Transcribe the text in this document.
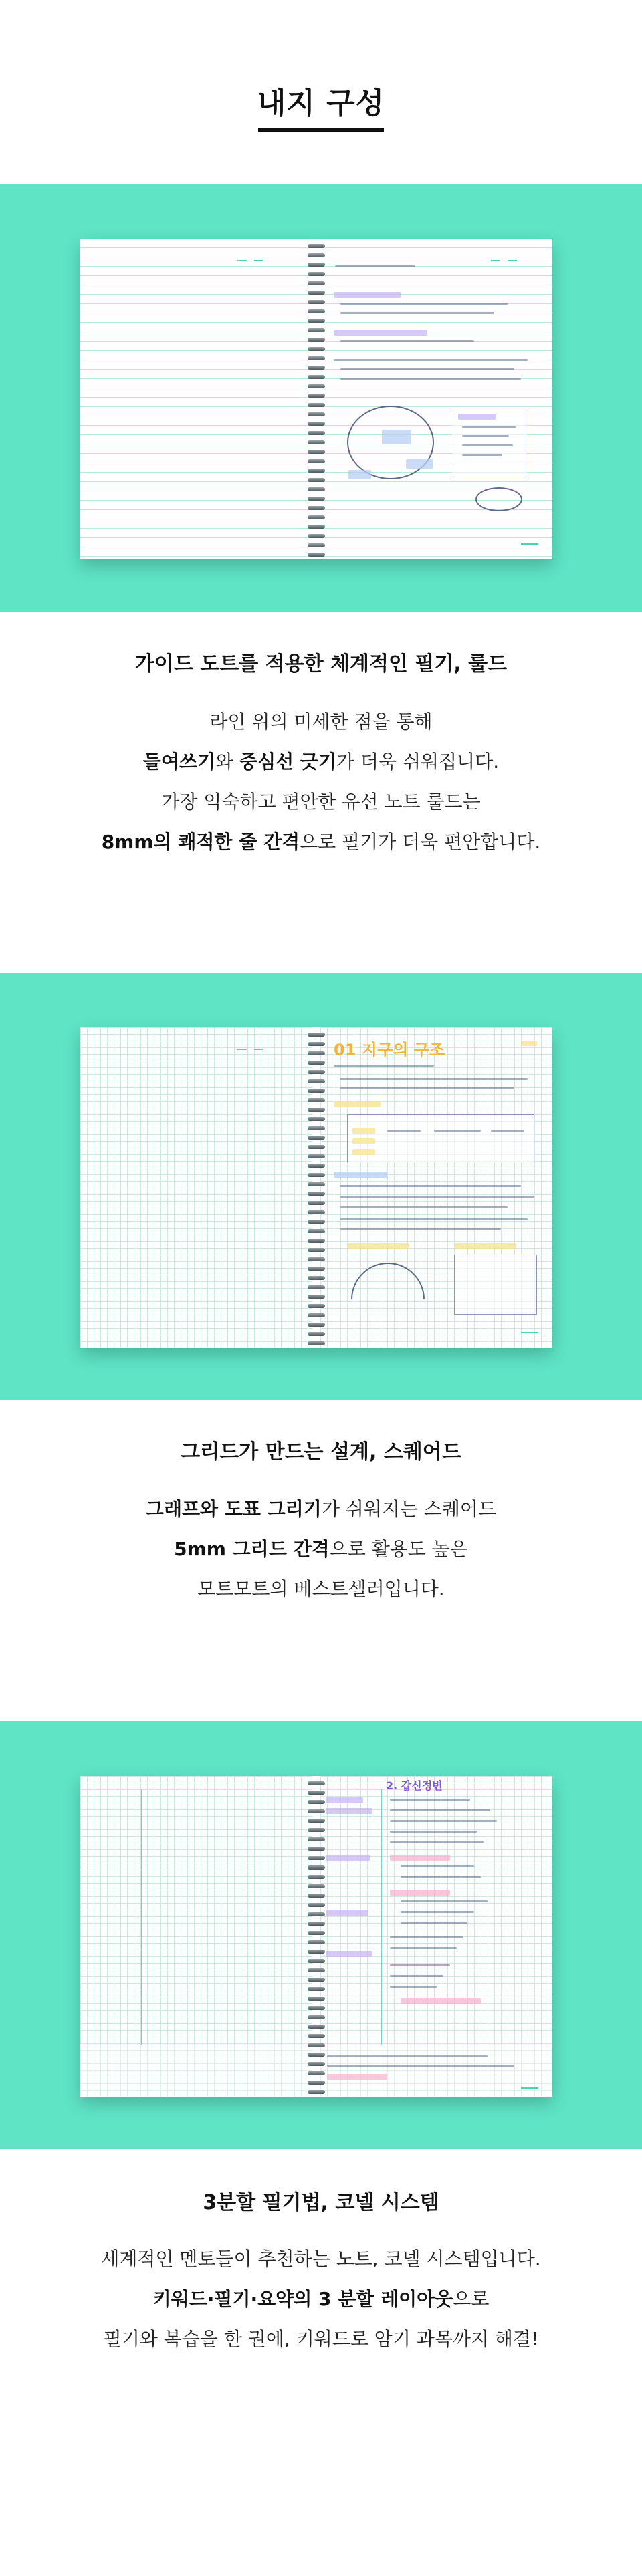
내지 구성
가이드 도트를 적용한 체계적인 필기, 룰드
라인 위의 미세한 점을 통해
들여쓰기와 중심선 긋기가 더욱 쉬워집니다.
가장 익숙하고 편안한 유선 노트 룰드는
8mm의 쾌적한 줄 간격으로 필기가 더욱 편안합니다.
01 지구의 구조
그리드가 만드는 설계, 스퀘어드
그래프와 도표 그리기가 쉬워지는 스퀘어드
5mm 그리드 간격으로 활용도 높은
모트모트의 베스트셀러입니다.
2. 갑신정변
3분할 필기법, 코넬 시스템
세계적인 멘토들이 추천하는 노트, 코넬 시스템입니다.
키워드·필기·요약의 3 분할 레이아웃으로
필기와 복습을 한 권에, 키워드로 암기 과목까지 해결!
